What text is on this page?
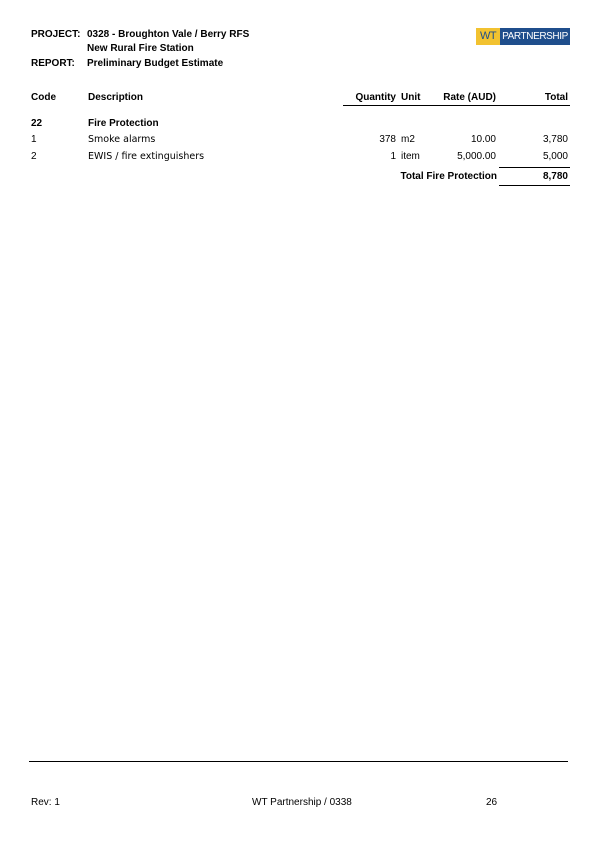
PROJECT: 0328 - Broughton Vale / Berry RFS
New Rural Fire Station
REPORT: Preliminary Budget Estimate
WT PARTNERSHIP
Code	Description	Quantity Unit	Rate (AUD)	Total
22	Fire Protection
1	Smoke alarms	378 m2	10.00	3,780
2	EWIS / fire extinguishers	1 item	5,000.00	5,000
Total Fire Protection	8,780
Rev: 1	WT Partnership / 0338	26
